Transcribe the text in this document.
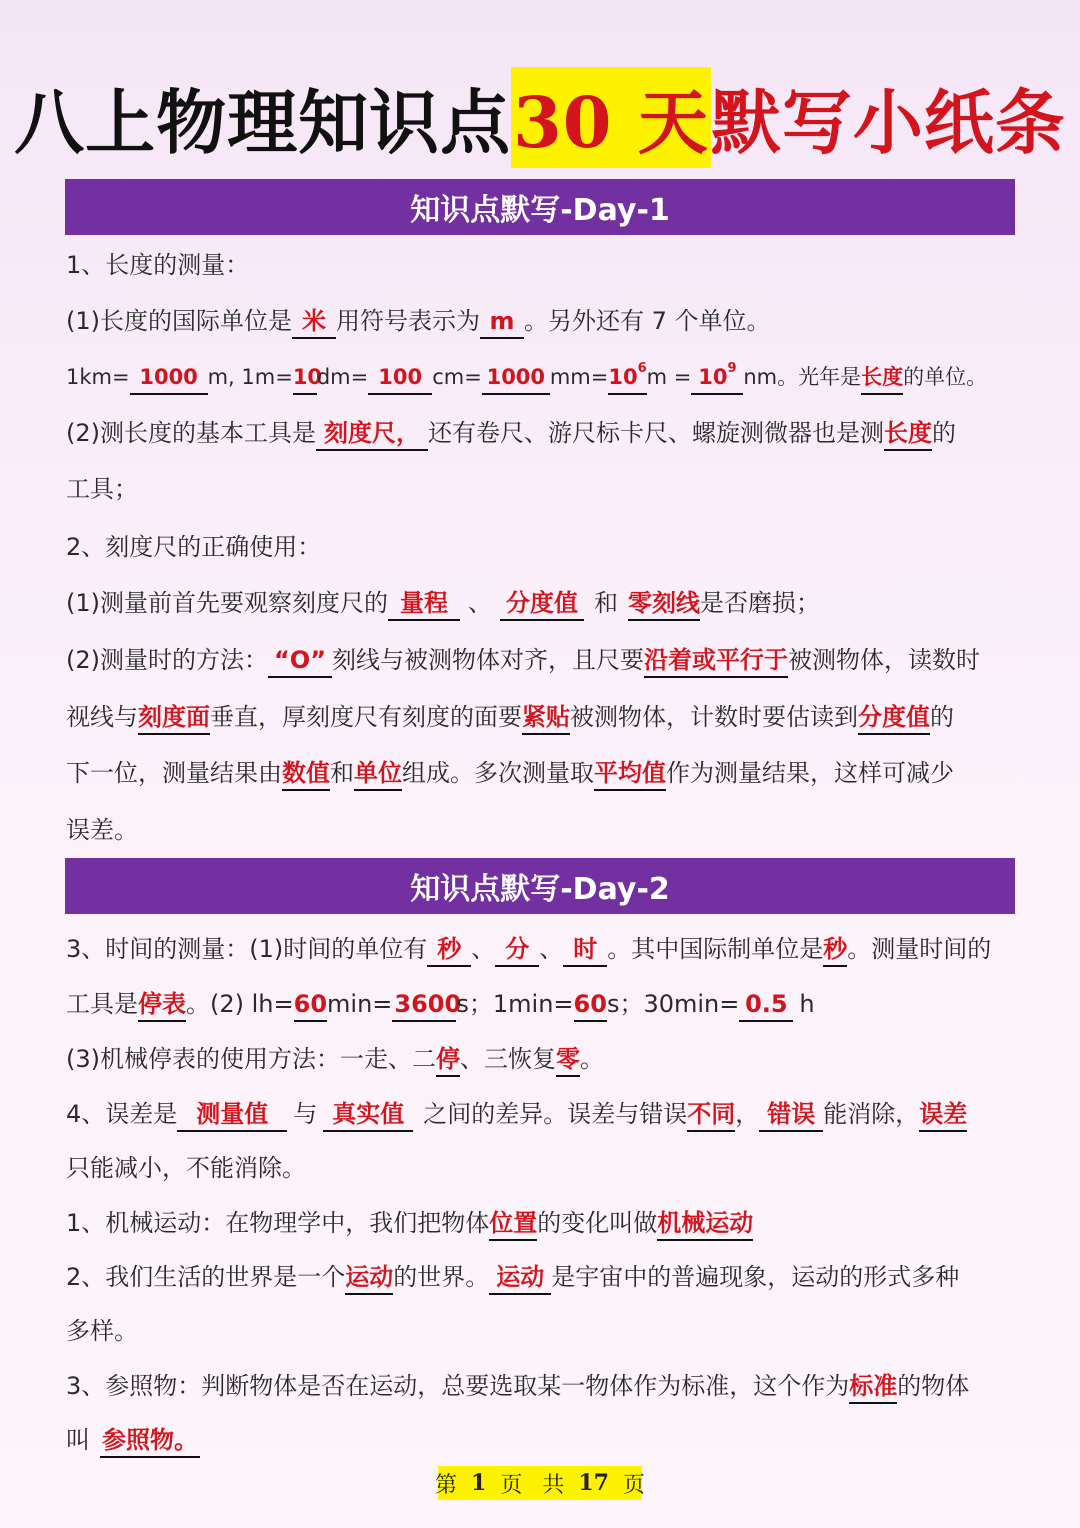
八上物理知识点 30 天 默写小纸条
知识点默写-Day-1
1、长度的测量：
(1)长度的国际单位是 米 用符号表示为 m 。另外还有 7 个单位。
1km= 1000 m, 1m=10dm= 100 cm= 1000 $mm=10^6m = 10^9$ nm。光年是长度的单位。
(2)测长度的基本工具是 刻度尺， 还有卷尺、游尺标卡尺、螺旋测微器也是测长度的
工具；
2、刻度尺的正确使用：
(1)测量前首先要观察刻度尺的 量程 、 分度值 和 零刻线是否磨损；
(2)测量时的方法： “O” 刻线与被测物体对齐，且尺要沿着或平行于被测物体，读数时
视线与刻度面垂直，厚刻度尺有刻度的面要紧贴被测物体，计数时要估读到分度值的
下一位，测量结果由数值和单位组成。多次测量取平均值作为测量结果，这样可减少
误差。
知识点默写-Day-2
3、时间的测量：(1)时间的单位有 秒 、 分 、 时 。其中国际制单位是秒。测量时间的
工具是停表。(2) lh=60min=3600s；1min=60s；30min= 0.5 h
(3)机械停表的使用方法：一走、二停、三恢复零。
4、误差是 测量值 与 真实值 之间的差异。误差与错误不同， 错误 能消除，误差
只能减小，不能消除。
1、机械运动：在物理学中，我们把物体位置的变化叫做机械运动
2、我们生活的世界是一个运动的世界。 运动 是宇宙中的普遍现象，运动的形式多种
多样。
3、参照物：判断物体是否在运动，总要选取某一物体作为标准，这个作为标准的物体
叫 参照物。
第 1 页 共 17 页
